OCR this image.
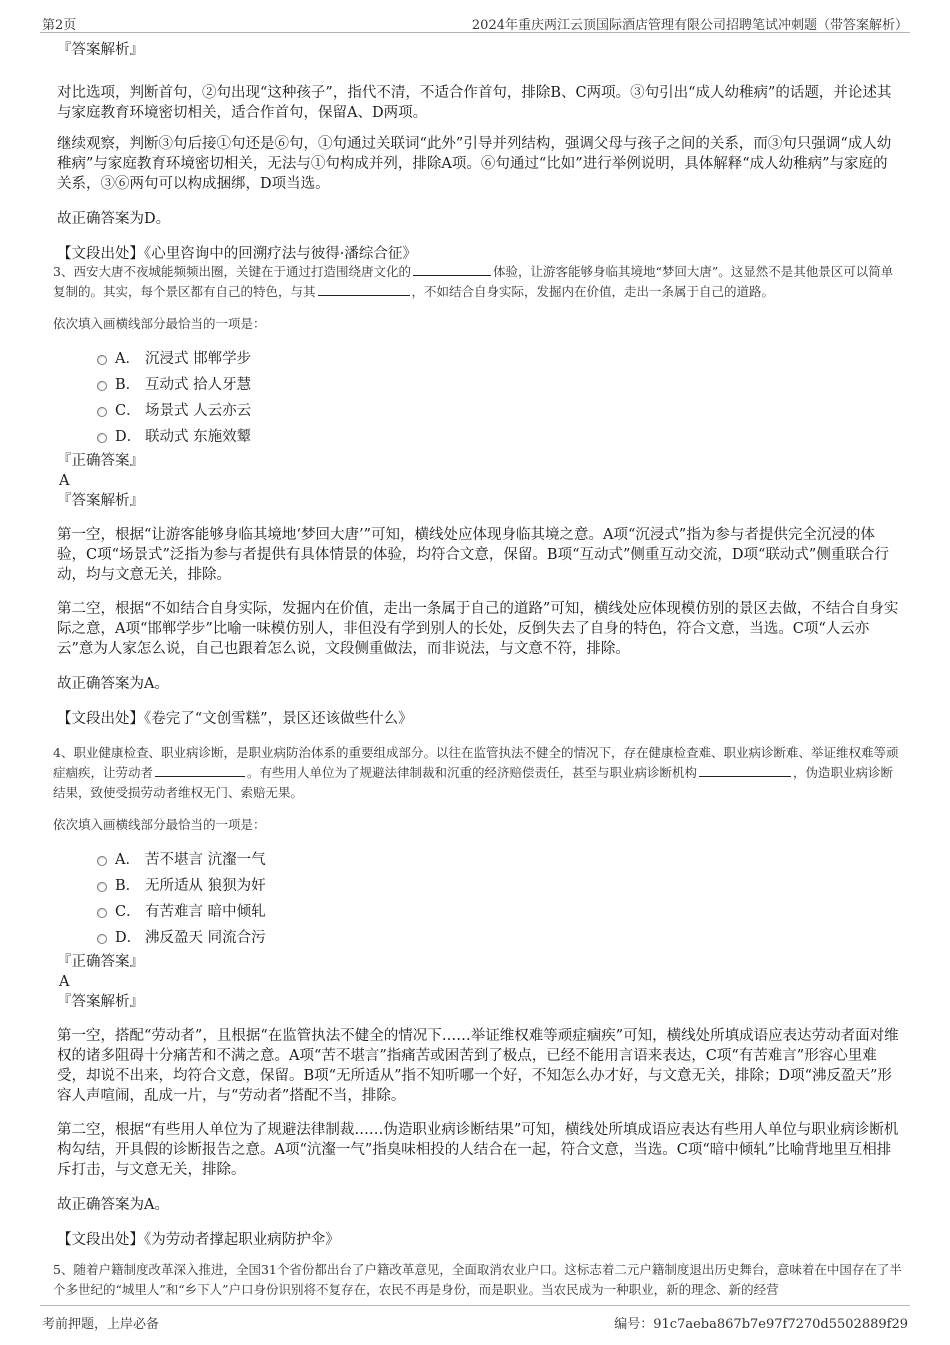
第2页	2024年重庆两江云顶国际酒店管理有限公司招聘笔试冲刺题（带答案解析）
『答案解析』
对比选项，判断首句，②句出现“这种孩子”，指代不清，不适合作首句，排除B、C两项。③句引出“成人幼稚病”的话题，并论述其与家庭教育环境密切相关，适合作首句，保留A、D两项。
继续观察，判断③句后接①句还是⑥句，①句通过关联词“此外”引导并列结构，强调父母与孩子之间的关系，而③句只强调“成人幼稚病”与家庭教育环境密切相关，无法与①句构成并列，排除A项。⑥句通过“比如”进行举例说明，具体解释“成人幼稚病”与家庭的关系，③⑥两句可以构成捆绑，D项当选。
故正确答案为D。
【文段出处】《心里咨询中的回溯疗法与彼得·潘综合征》
3、西安大唐不夜城能频频出圈，关键在于通过打造围绕唐文化的	体验，让游客能够身临其境地“梦回大唐”。这显然不是其他景区可以简单复制的。其实，每个景区都有自己的特色，与其	，不如结合自身实际，发掘内在价值，走出一条属于自己的道路。
依次填入画横线部分最恰当的一项是：
A． 沉浸式 邯郸学步
B． 互动式 拾人牙慧
C． 场景式 人云亦云
D． 联动式 东施效颦
『正确答案』
A
『答案解析』
第一空，根据“让游客能够身临其境地‘梦回大唐’”可知，横线处应体现身临其境之意。A项“沉浸式”指为参与者提供完全沉浸的体验，C项“场景式”泛指为参与者提供有具体情景的体验，均符合文意，保留。B项“互动式”侧重互动交流，D项“联动式”侧重联合行动，均与文意无关，排除。
第二空，根据“不如结合自身实际，发掘内在价值，走出一条属于自己的道路”可知，横线处应体现模仿别的景区去做，不结合自身实际之意，A项“邯郸学步”比喻一味模仿别人，非但没有学到别人的长处，反倒失去了自身的特色，符合文意，当选。C项“人云亦云”意为人家怎么说，自己也跟着怎么说，文段侧重做法，而非说法，与文意不符，排除。
故正确答案为A。
【文段出处】《卷完了“文创雪糕”，景区还该做些什么》
4、职业健康检查、职业病诊断，是职业病防治体系的重要组成部分。以往在监管执法不健全的情况下，存在健康检查难、职业病诊断难、举证维权难等顽症痼疾，让劳动者	。有些用人单位为了规避法律制裁和沉重的经济赔偿责任，甚至与职业病诊断机构	，伪造职业病诊断结果，致使受损劳动者维权无门、索赔无果。
依次填入画横线部分最恰当的一项是：
A． 苦不堪言 沆瀣一气
B． 无所适从 狼狈为奸
C． 有苦难言 暗中倾轧
D． 沸反盈天 同流合污
『正确答案』
A
『答案解析』
第一空，搭配“劳动者”，且根据“在监管执法不健全的情况下……举证维权难等顽症痼疾”可知，横线处所填成语应表达劳动者面对维权的诸多阻碍十分痛苦和不满之意。A项“苦不堪言”指痛苦或困苦到了极点，已经不能用言语来表达，C项“有苦难言”形容心里难受，却说不出来，均符合文意，保留。B项“无所适从”指不知听哪一个好，不知怎么办才好，与文意无关，排除；D项“沸反盈天”形容人声喧闹，乱成一片，与“劳动者”搭配不当，排除。
第二空，根据“有些用人单位为了规避法律制裁……伪造职业病诊断结果”可知，横线处所填成语应表达有些用人单位与职业病诊断机构勾结，开具假的诊断报告之意。A项“沆瀣一气”指臭味相投的人结合在一起，符合文意，当选。C项“暗中倾轧”比喻背地里互相排斥打击，与文意无关，排除。
故正确答案为A。
【文段出处】《为劳动者撑起职业病防护伞》
5、随着户籍制度改革深入推进，全国31个省份都出台了户籍改革意见，全面取消农业户口。这标志着二元户籍制度退出历史舞台，意味着在中国存在了半个多世纪的“城里人”和“乡下人”户口身份识别将不复存在，农民不再是身份，而是职业。当农民成为一种职业，新的理念、新的经营
考前押题，上岸必备	编号：91c7aeba867b7e97f7270d5502889f29
